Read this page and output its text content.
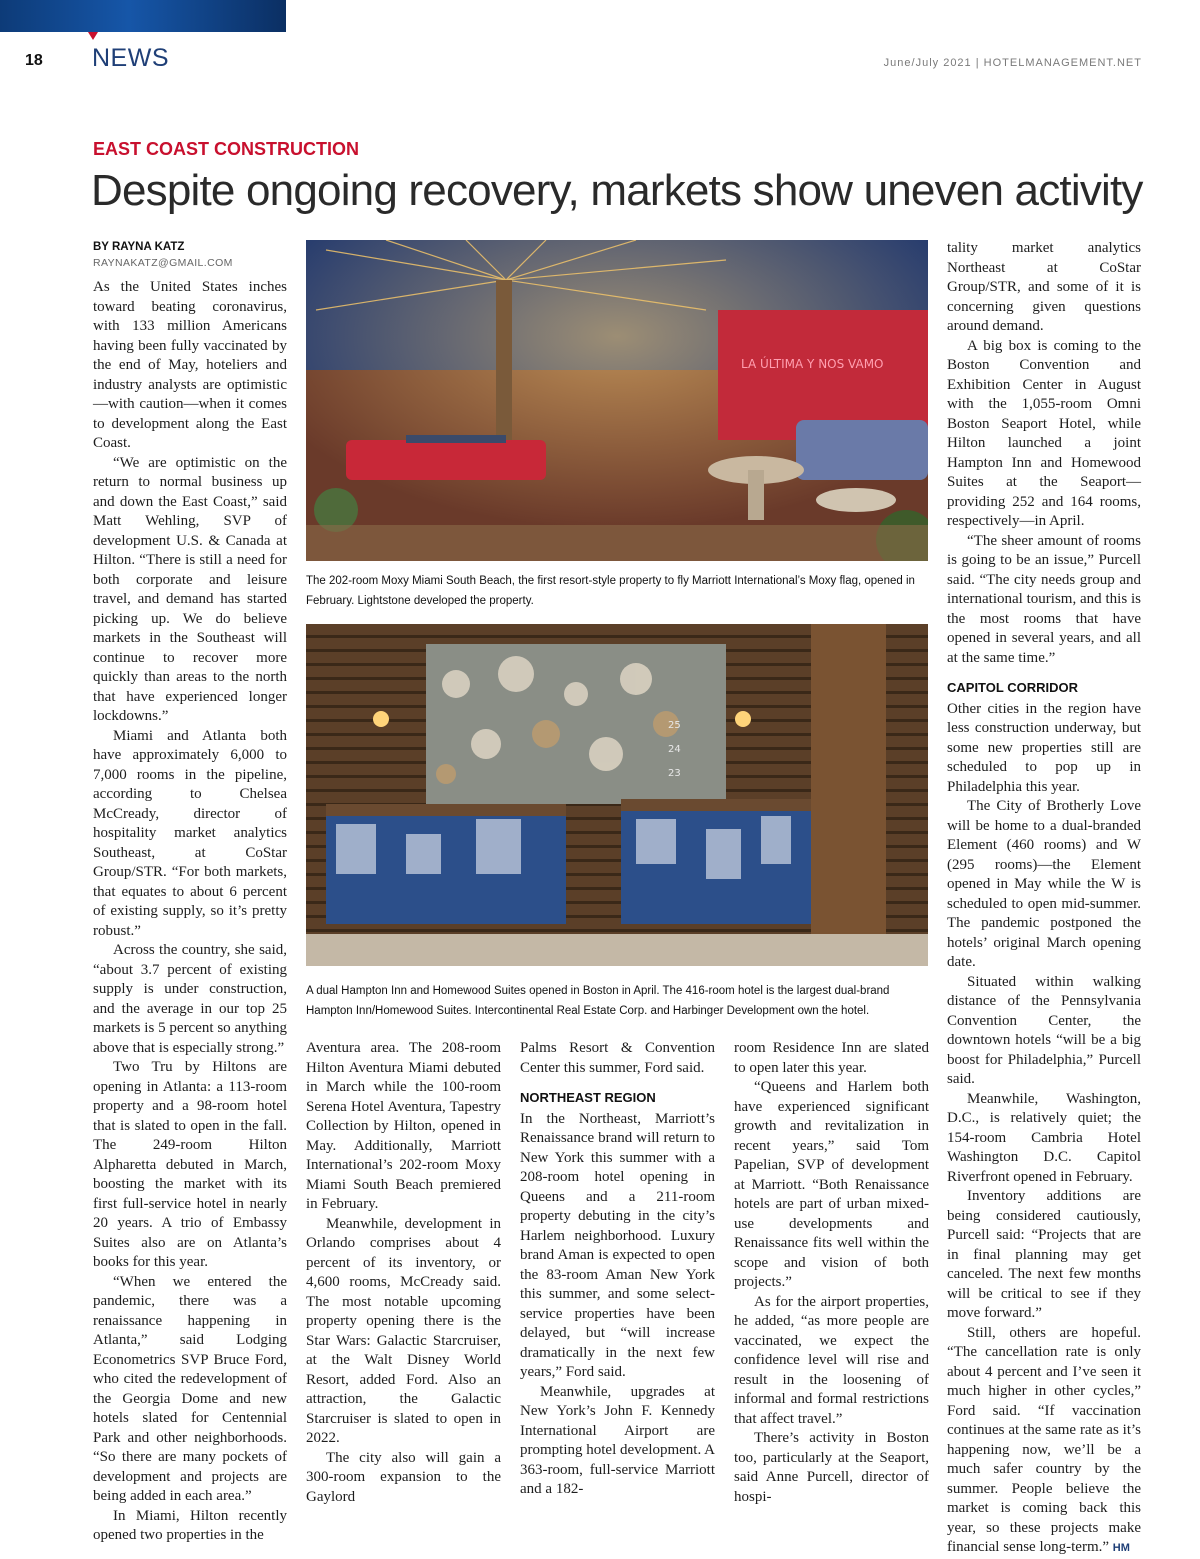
18 NEWS	June/July 2021 | HOTELMANAGEMENT.NET
EAST COAST CONSTRUCTION
Despite ongoing recovery, markets show uneven activity
BY RAYNA KATZ
RAYNAKATZ@GMAIL.COM
LA ÚLTIMA Y NOS VAMO
The 202-room Moxy Miami South Beach, the first resort-style property to fly Marriott International’s Moxy flag, opened in February. Lightstone developed the property.
25
24
23
A dual Hampton Inn and Homewood Suites opened in Boston in April. The 416-room hotel is the largest dual-brand Hampton Inn/Homewood Suites. Intercontinental Real Estate Corp. and Harbinger Development own the hotel.

As the United States inches toward beating coronavirus, with 133 million Americans having been fully vaccinated by the end of May, hoteliers and industry analysts are optimistic—with caution—when it comes to development along the East Coast.

“We are optimistic on the return to normal business up and down the East Coast,” said Matt Wehling, SVP of development U.S. & Canada at Hilton. “There is still a need for both corporate and leisure travel, and demand has started picking up. We do believe markets in the Southeast will continue to recover more quickly than areas to the north that have experienced longer lockdowns.”

Miami and Atlanta both have approximately 6,000 to 7,000 rooms in the pipeline, according to Chelsea McCready, director of hospitality market analytics Southeast, at CoStar Group/STR. “For both markets, that equates to about 6 percent of existing supply, so it’s pretty robust.”

Across the country, she said, “about 3.7 percent of existing supply is under construction, and the average in our top 25 markets is 5 percent so anything above that is especially strong.”

Two Tru by Hiltons are opening in Atlanta: a 113-room property and a 98-room hotel that is slated to open in the fall. The 249-room Hilton Alpharetta debuted in March, boosting the market with its first full-service hotel in nearly 20 years. A trio of Embassy Suites also are on Atlanta’s books for this year.

“When we entered the pandemic, there was a renaissance happening in Atlanta,” said Lodging Econometrics SVP Bruce Ford, who cited the redevelopment of the Georgia Dome and new hotels slated for Centennial Park and other neighborhoods. “So there are many pockets of development and projects are being added in each area.”

In Miami, Hilton recently opened two properties in the

Aventura area. The 208-room Hilton Aventura Miami debuted in March while the 100-room Serena Hotel Aventura, Tapestry Collection by Hilton, opened in May. Additionally, Marriott International’s 202-room Moxy Miami South Beach premiered in February.

Meanwhile, development in Orlando comprises about 4 percent of its inventory, or 4,600 rooms, McCready said. The most notable upcoming property opening there is the Star Wars: Galactic Starcruiser, at the Walt Disney World Resort, added Ford. Also an attraction, the Galactic Starcruiser is slated to open in 2022.

The city also will gain a 300-room expansion to the Gaylord

Palms Resort & Convention Center this summer, Ford said.

NORTHEAST REGION

In the Northeast, Marriott’s Renaissance brand will return to New York this summer with a 208-room hotel opening in Queens and a 211-room property debuting in the city’s Harlem neighborhood. Luxury brand Aman is expected to open the 83-room Aman New York this summer, and some select-service properties have been delayed, but “will increase dramatically in the next few years,” Ford said.

Meanwhile, upgrades at New York’s John F. Kennedy International Airport are prompting hotel development. A 363-room, full-service Marriott and a 182-

room Residence Inn are slated to open later this year.

“Queens and Harlem both have experienced significant growth and revitalization in recent years,” said Tom Papelian, SVP of development at Marriott. “Both Renaissance hotels are part of urban mixed-use developments and Renaissance fits well within the scope and vision of both projects.”

As for the airport properties, he added, “as more people are vaccinated, we expect the confidence level will rise and result in the loosening of informal and formal restrictions that affect travel.”

There’s activity in Boston too, particularly at the Seaport, said Anne Purcell, director of hospi-

tality market analytics Northeast at CoStar Group/STR, and some of it is concerning given questions around demand.

A big box is coming to the Boston Convention and Exhibition Center in August with the 1,055-room Omni Boston Seaport Hotel, while Hilton launched a joint Hampton Inn and Homewood Suites at the Seaport—providing 252 and 164 rooms, respectively—in April.

“The sheer amount of rooms is going to be an issue,” Purcell said. “The city needs group and international tourism, and this is the most rooms that have opened in several years, and all at the same time.”

CAPITOL CORRIDOR

Other cities in the region have less construction underway, but some new properties still are scheduled to pop up in Philadelphia this year.

The City of Brotherly Love will be home to a dual-branded Element (460 rooms) and W (295 rooms)—the Element opened in May while the W is scheduled to open mid-summer. The pandemic postponed the hotels’ original March opening date.

Situated within walking distance of the Pennsylvania Convention Center, the downtown hotels “will be a big boost for Philadelphia,” Purcell said.

Meanwhile, Washington, D.C., is relatively quiet; the 154-room Cambria Hotel Washington D.C. Capitol Riverfront opened in February.

Inventory additions are being considered cautiously, Purcell said: “Projects that are in final planning may get canceled. The next few months will be critical to see if they move forward.”

Still, others are hopeful. “The cancellation rate is only about 4 percent and I’ve seen it much higher in other cycles,” Ford said. “If vaccination continues at the same rate as it’s happening now, we’ll be a much safer country by the summer. People believe the market is coming back this year, so these projects make financial sense long-term.” HM
